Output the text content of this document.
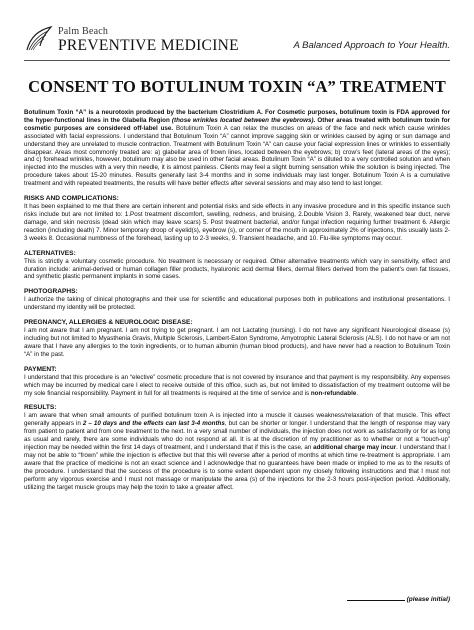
Palm Beach
PREVENTIVE MEDICINE	A Balanced Approach to Your Health.
CONSENT TO BOTULINUM TOXIN “A” TREATMENT

Botulinum Toxin “A” is a neurotoxin produced by the bacterium Clostridium A. For Cosmetic purposes, botulinum toxin is FDA approved for the hyper-functional lines in the Glabella Region (those wrinkles located between the eyebrows). Other areas treated with botulinum toxin for cosmetic purposes are considered off-label use. Botulinum Toxin A can relax the muscles on areas of the face and neck which cause wrinkles associated with facial expressions. I understand that Botulinum Toxin “A” cannot improve sagging skin or wrinkles caused by aging or sun damage and understand they are unrelated to muscle contraction. Treatment with Botulinum Toxin “A” can cause your facial expression lines or wrinkles to essentially disappear. Areas most commonly treated are: a) glabellar area of frown lines, located between the eyebrows; b) crow’s feet (lateral areas of the eyes); and c) forehead wrinkles, however, botulinum may also be used in other facial areas. Botulinum Toxin “A” is diluted to a very controlled solution and when injected into the muscles with a very thin needle, it is almost painless. Clients may feel a slight burning sensation while the solution is being injected. The procedure takes about 15-20 minutes. Results generally last 3-4 months and in some individuals may last longer. Botulinum Toxin A is a cumulative treatment and with repeated treatments, the results will have better effects after several sessions and may also tend to last longer.

RISKS AND COMPLICATIONS:

It has been explained to me that there are certain inherent and potential risks and side effects in any invasive procedure and in this specific instance such risks include but are not limited to: 1.Post treatment discomfort, swelling, redness, and bruising, 2.Double Vision 3. Rarely, weakened tear duct, nerve damage, and skin necrosis (dead skin which may leave scars) 5. Post treatment bacterial, and/or fungal infection requiring further treatment 6. Allergic reaction (including death) 7. Minor temporary droop of eyelid(s), eyebrow (s), or corner of the mouth in approximately 2% of injections, this usually lasts 2-3 weeks 8. Occasional numbness of the forehead, lasting up to 2-3 weeks, 9. Transient headache, and 10. Flu-like symptoms may occur.

ALTERNATIVES:

This is strictly a voluntary cosmetic procedure. No treatment is necessary or required. Other alternative treatments which vary in sensitivity, effect and duration include: animal-derived or human collagen filler products, hyaluronic acid dermal fillers, dermal fillers derived from the patient’s own fat tissues, and synthetic plastic permanent implants in some cases.

PHOTOGRAPHS:

I authorize the taking of clinical photographs and their use for scientific and educational purposes both in publications and institutional presentations. I understand my identity will be protected.

PREGNANCY, ALLERGIES & NEUROLOGIC DISEASE:

I am not aware that I am pregnant. I am not trying to get pregnant. I am not Lactating (nursing). I do not have any significant Neurological disease (s) including but not limited to Myasthenia Gravis, Multiple Sclerosis, Lambert-Eaton Syndrome, Amyotrophic Lateral Sclerosis (ALS). I do not have or am not aware that I have any allergies to the toxin ingredients, or to human albumin (human blood products), and have never had a reaction to Botulinum Toxin “A” in the past.

PAYMENT:

I understand that this procedure is an “elective” cosmetic procedure that is not covered by insurance and that payment is my responsibility. Any expenses which may be incurred by medical care I elect to receive outside of this office, such as, but not limited to dissatisfaction of my treatment outcome will be my sole financial responsibility. Payment in full for all treatments is required at the time of service and is non-refundable.

RESULTS:

I am aware that when small amounts of purified botulinum toxin A is injected into a muscle it causes weakness/relaxation of that muscle. This effect generally appears in 2 – 10 days and the effects can last 3-4 months, but can be shorter or longer. I understand that the length of response may vary from patient to patient and from one treatment to the next. In a very small number of individuals, the injection does not work as satisfactorily or for as long as usual and rarely, there are some individuals who do not respond at all. It is at the discretion of my practitioner as to whether or not a “touch-up” injection may be needed within the first 14 days of treatment, and I understand that if this is the case, an additional charge may incur. I understand that I may not be able to “frown” while the injection is effective but that this will reverse after a period of months at which time re-treatment is appropriate. I am aware that the practice of medicine is not an exact science and I acknowledge that no guarantees have been made or implied to me as to the results of the procedure. I understand that the success of the procedure is to some extent dependent upon my closely following instructions and that I must not perform any vigorous exercise and I must not massage or manipulate the area (s) of the injections for the 2-3 hours post-injection period. Additionally, utilizing the target muscle groups may help the toxin to take a greater affect.

(please initial)
